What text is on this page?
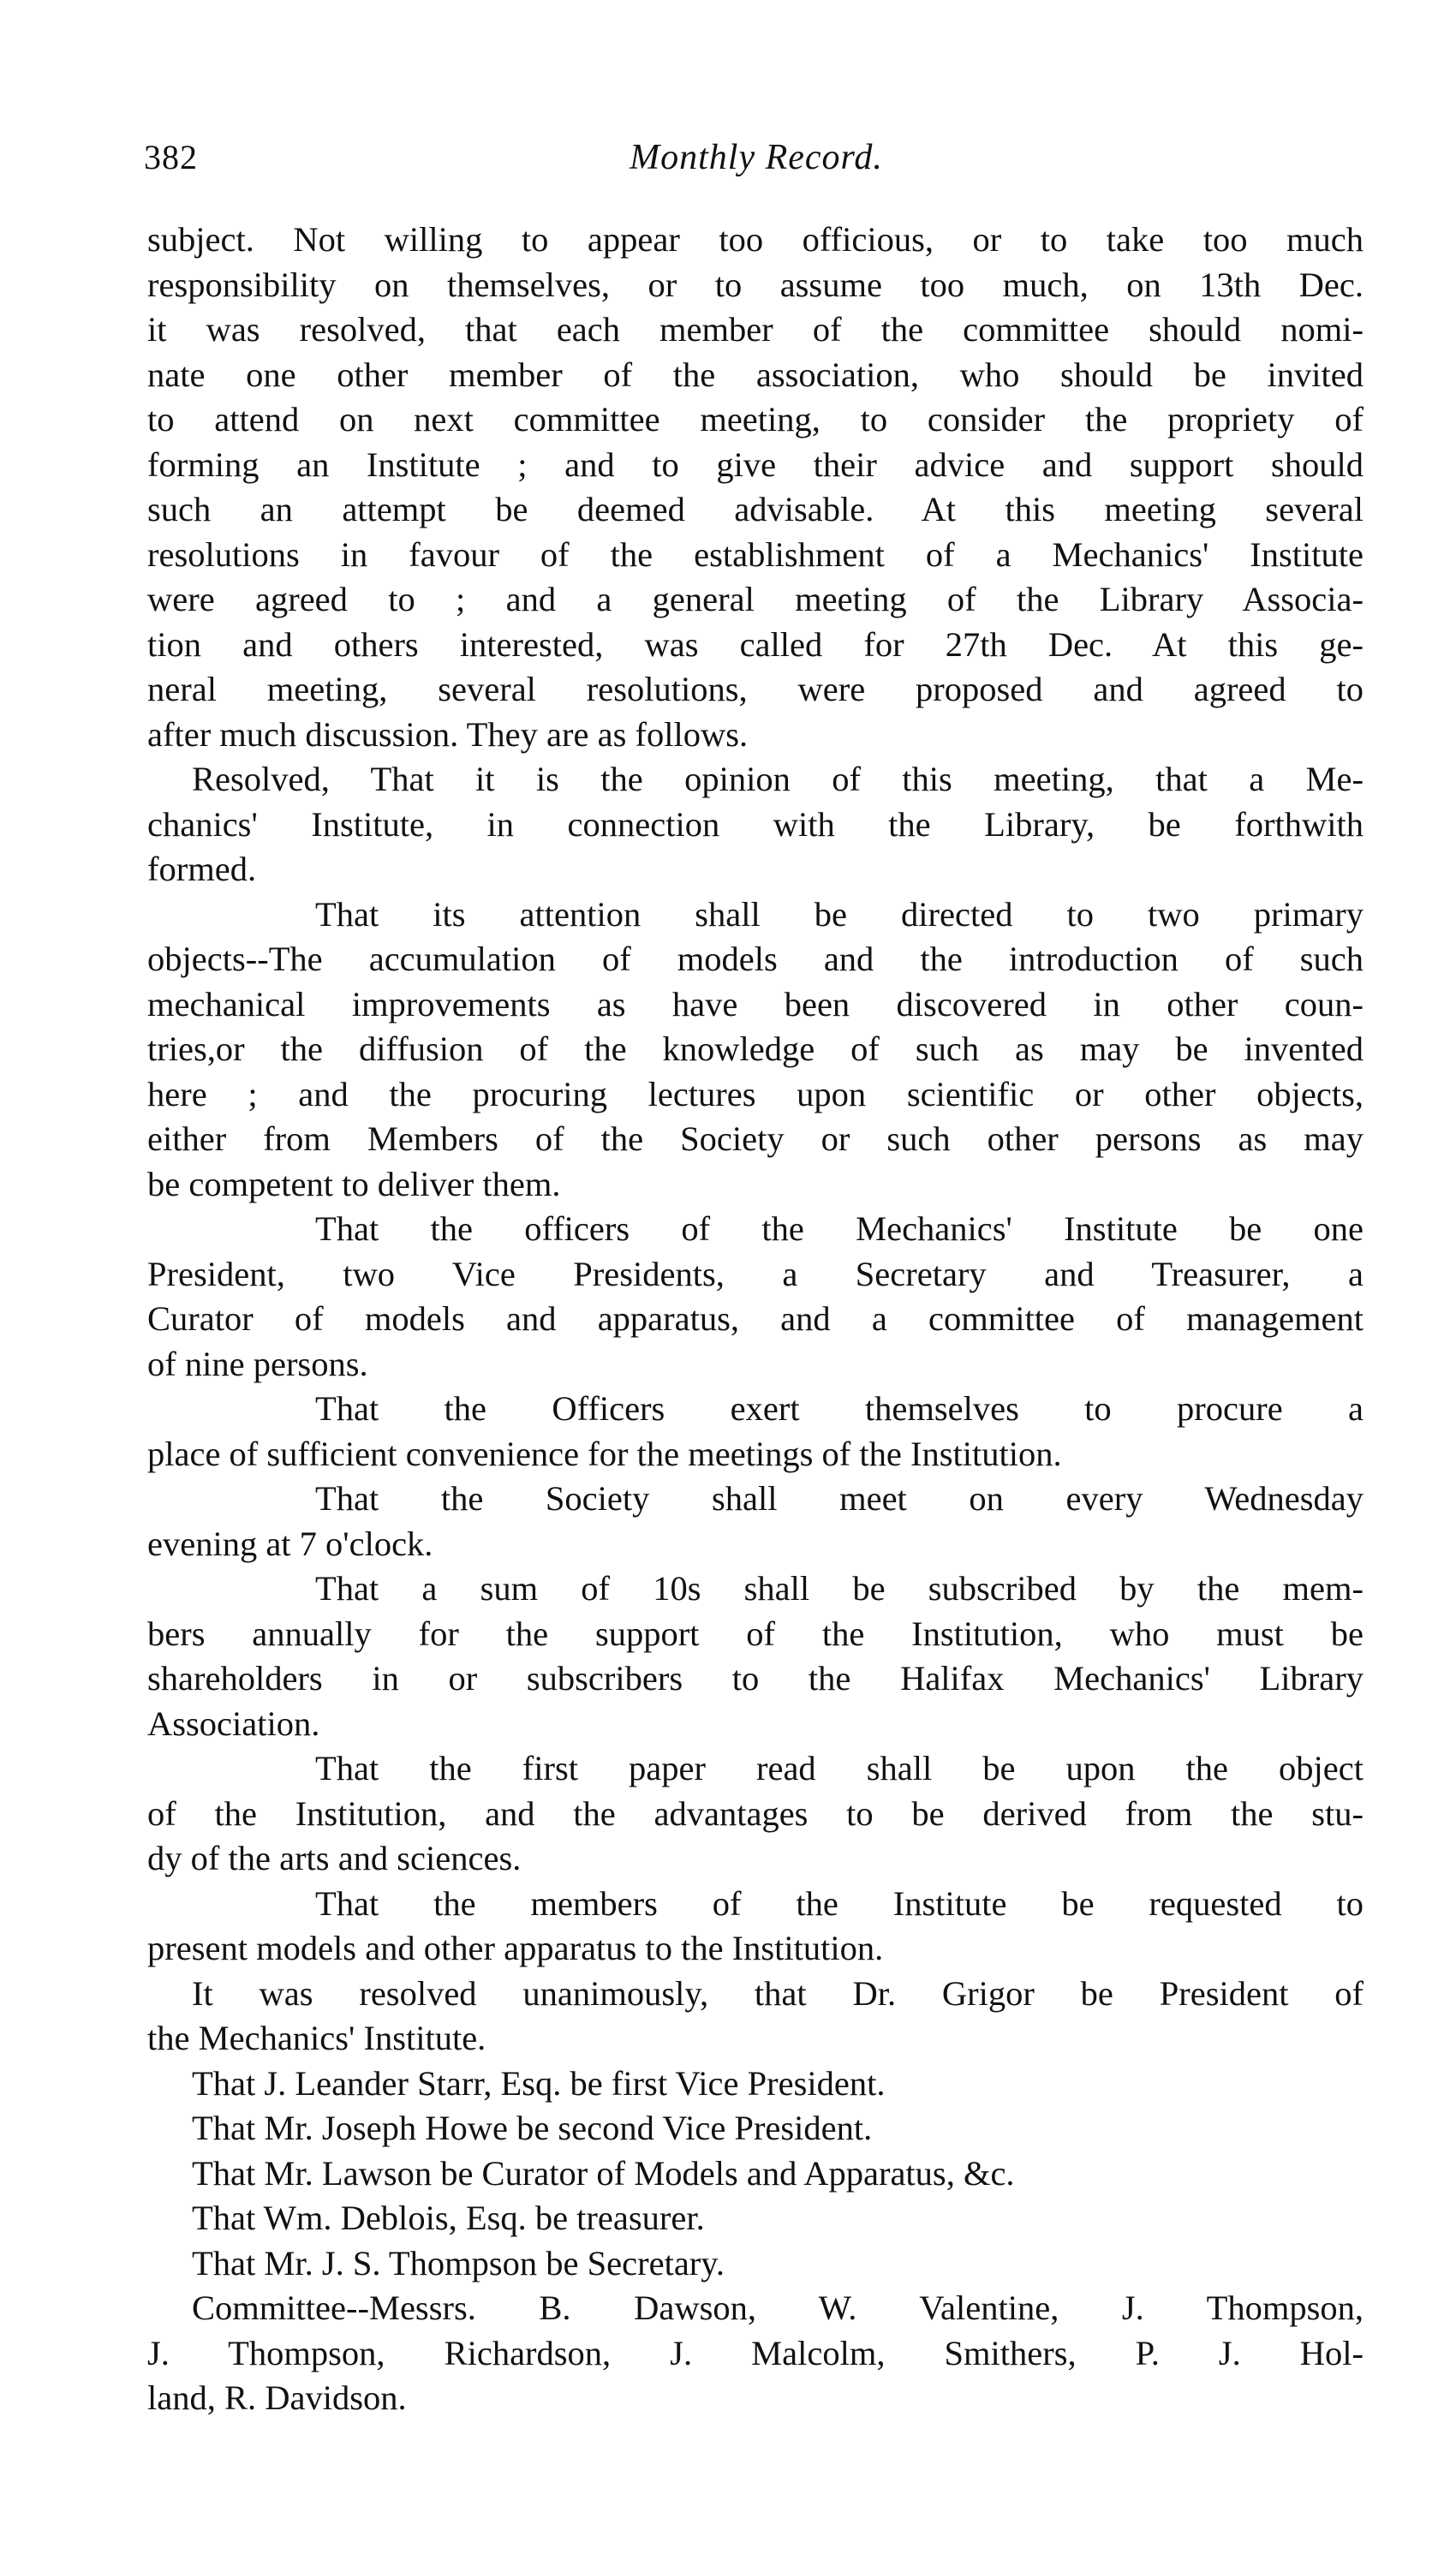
382	Monthly Record.
subject. Not willing to appear too officious, or to take too much
responsibility on themselves, or to assume too much, on 13th Dec.
it was resolved, that each member of the committee should nomi-
nate one other member of the association, who should be invited
to attend on next committee meeting, to consider the propriety of
forming an Institute ; and to give their advice and support should
such an attempt be deemed advisable. At this meeting several
resolutions in favour of the establishment of a Mechanics' Institute
were agreed to ; and a general meeting of the Library Associa-
tion and others interested, was called for 27th Dec. At this ge-
neral meeting, several resolutions, were proposed and agreed to
after much discussion. They are as follows.
Resolved, That it is the opinion of this meeting, that a Me-
chanics' Institute, in connection with the Library, be forthwith
formed.
That its attention shall be directed to two primary
objects--The accumulation of models and the introduction of such
mechanical improvements as have been discovered in other coun-
tries,or the diffusion of the knowledge of such as may be invented
here ; and the procuring lectures upon scientific or other objects,
either from Members of the Society or such other persons as may
be competent to deliver them.
That the officers of the Mechanics' Institute be one
President, two Vice Presidents, a Secretary and Treasurer, a
Curator of models and apparatus, and a committee of management
of nine persons.
That the Officers exert themselves to procure a
place of sufficient convenience for the meetings of the Institution.
That the Society shall meet on every Wednesday
evening at 7 o'clock.
That a sum of 10s shall be subscribed by the mem-
bers annually for the support of the Institution, who must be
shareholders in or subscribers to the Halifax Mechanics' Library
Association.
That the first paper read shall be upon the object
of the Institution, and the advantages to be derived from the stu-
dy of the arts and sciences.
That the members of the Institute be requested to
present models and other apparatus to the Institution.
It was resolved unanimously, that Dr. Grigor be President of
the Mechanics' Institute.
That J. Leander Starr, Esq. be first Vice President.
That Mr. Joseph Howe be second Vice President.
That Mr. Lawson be Curator of Models and Apparatus, &c.
That Wm. Deblois, Esq. be treasurer.
That Mr. J. S. Thompson be Secretary.
Committee--Messrs. B. Dawson, W. Valentine, J. Thompson,
J. Thompson, Richardson, J. Malcolm, Smithers, P. J. Hol-
land, R. Davidson.
